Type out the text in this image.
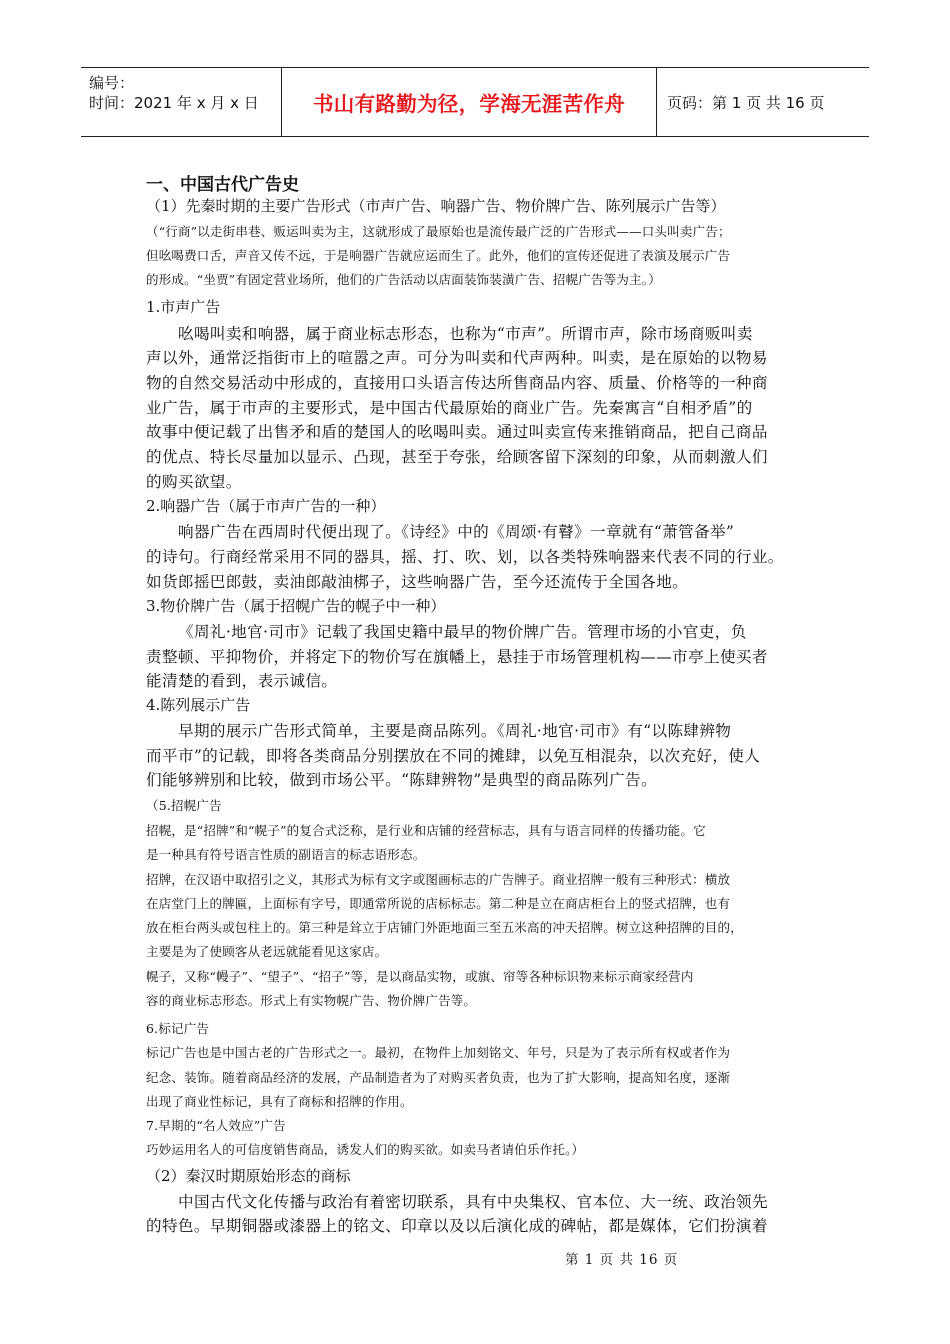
编号：
时间：2021 年 x 月 x 日	书山有路勤为径，学海无涯苦作舟	页码：第 1 页 共 16 页
一、中国古代广告史
（1）先秦时期的主要广告形式（市声广告、响器广告、物价牌广告、陈列展示广告等）
（“行商”以走街串巷、贩运叫卖为主，这就形成了最原始也是流传最广泛的广告形式——口头叫卖广告；
但吆喝费口舌，声音又传不远，于是响器广告就应运而生了。此外，他们的宣传还促进了表演及展示广告
的形成。“坐贾”有固定营业场所，他们的广告活动以店面装饰装潢广告、招幌广告等为主。）
1.市声广告
吆喝叫卖和响器，属于商业标志形态，也称为“市声”。所谓市声，除市场商贩叫卖
声以外，通常泛指街市上的喧嚣之声。可分为叫卖和代声两种。叫卖，是在原始的以物易
物的自然交易活动中形成的，直接用口头语言传达所售商品内容、质量、价格等的一种商
业广告，属于市声的主要形式，是中国古代最原始的商业广告。先秦寓言“自相矛盾”的
故事中便记载了出售矛和盾的楚国人的吆喝叫卖。通过叫卖宣传来推销商品，把自己商品
的优点、特长尽量加以显示、凸现，甚至于夸张，给顾客留下深刻的印象，从而刺激人们
的购买欲望。
2.响器广告（属于市声广告的一种）
响器广告在西周时代便出现了。《诗经》中的《周颂·有瞽》一章就有“萧管备举”
的诗句。行商经常采用不同的器具，摇、打、吹、划，以各类特殊响器来代表不同的行业。
如货郎摇巴郎鼓，卖油郎敲油梆子，这些响器广告，至今还流传于全国各地。
3.物价牌广告（属于招幌广告的幌子中一种）
《周礼·地官·司市》记载了我国史籍中最早的物价牌广告。管理市场的小官吏，负
责整顿、平抑物价，并将定下的物价写在旗幡上，悬挂于市场管理机构——市亭上使买者
能清楚的看到，表示诚信。
4.陈列展示广告
早期的展示广告形式简单，主要是商品陈列。《周礼·地官·司市》有“以陈肆辨物
而平市”的记载，即将各类商品分别摆放在不同的摊肆，以免互相混杂，以次充好，使人
们能够辨别和比较，做到市场公平。“陈肆辨物”是典型的商品陈列广告。
（5.招幌广告
招幌，是“招牌”和“幌子”的复合式泛称，是行业和店铺的经营标志，具有与语言同样的传播功能。它
是一种具有符号语言性质的副语言的标志语形态。
招牌，在汉语中取招引之义，其形式为标有文字或图画标志的广告牌子。商业招牌一般有三种形式：横放
在店堂门上的牌匾，上面标有字号，即通常所说的店标标志。第二种是立在商店柜台上的竖式招牌，也有
放在柜台两头或包柱上的。第三种是耸立于店铺门外距地面三至五米高的冲天招牌。树立这种招牌的目的，
主要是为了使顾客从老远就能看见这家店。
幌子，又称“幔子”、“望子”、“招子”等，是以商品实物，或旗、帘等各种标识物来标示商家经营内
容的商业标志形态。形式上有实物幌广告、物价牌广告等。
6.标记广告
标记广告也是中国古老的广告形式之一。最初，在物件上加刻铭文、年号，只是为了表示所有权或者作为
纪念、装饰。随着商品经济的发展，产品制造者为了对购买者负责，也为了扩大影响，提高知名度，逐渐
出现了商业性标记，具有了商标和招牌的作用。
7.早期的“名人效应”广告
巧妙运用名人的可信度销售商品，诱发人们的购买欲。如卖马者请伯乐作托。）
（2）秦汉时期原始形态的商标
中国古代文化传播与政治有着密切联系，具有中央集权、官本位、大一统、政治领先
的特色。早期铜器或漆器上的铭文、印章以及以后演化成的碑帖，都是媒体，它们扮演着
第 1 页 共 16 页
